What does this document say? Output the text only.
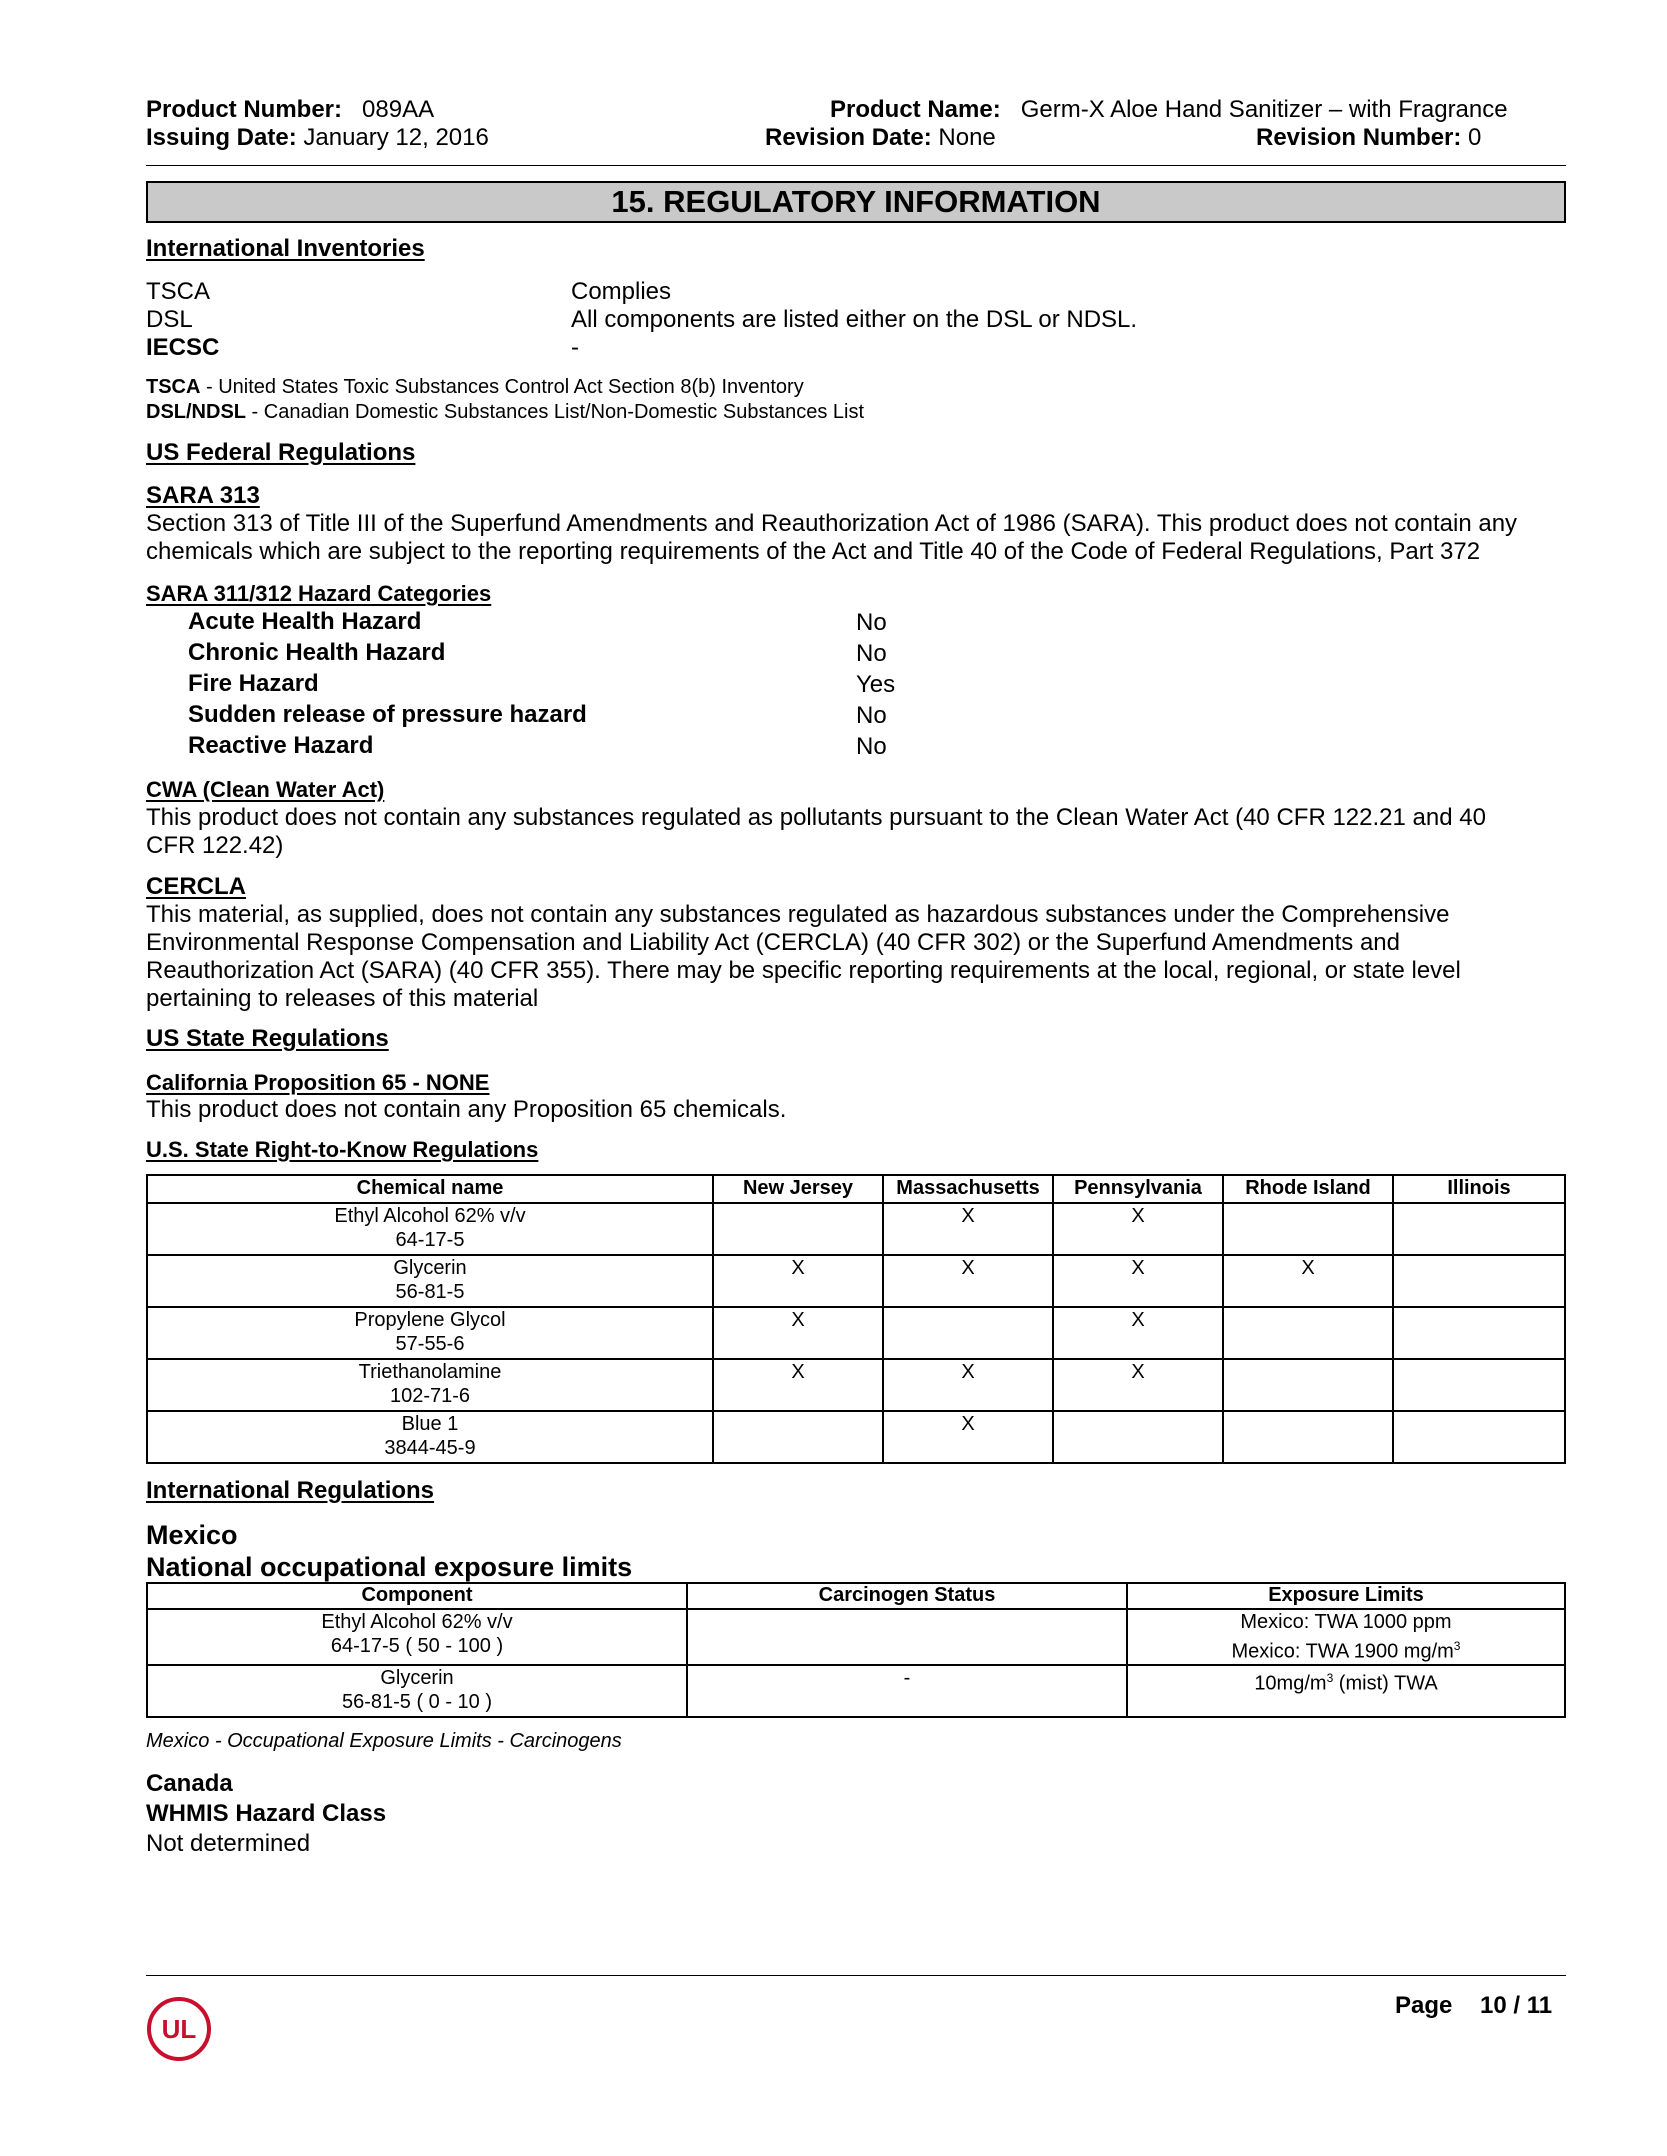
Product Number: 089AA
Issuing Date: January 12, 2016
Product Name: Germ-X Aloe Hand Sanitizer – with Fragrance
Revision Date: None	Revision Number: 0
15. REGULATORY INFORMATION
International Inventories
TSCA	Complies
DSL	All components are listed either on the DSL or NDSL.
IECSC	-
TSCA - United States Toxic Substances Control Act Section 8(b) Inventory
DSL/NDSL - Canadian Domestic Substances List/Non-Domestic Substances List
US Federal Regulations
SARA 313
Section 313 of Title III of the Superfund Amendments and Reauthorization Act of 1986 (SARA). This product does not contain any
chemicals which are subject to the reporting requirements of the Act and Title 40 of the Code of Federal Regulations, Part 372
SARA 311/312 Hazard Categories
Acute Health Hazard	No
Chronic Health Hazard	No
Fire Hazard	Yes
Sudden release of pressure hazard	No
Reactive Hazard	No
CWA (Clean Water Act)
This product does not contain any substances regulated as pollutants pursuant to the Clean Water Act (40 CFR 122.21 and 40
CFR 122.42)
CERCLA
This material, as supplied, does not contain any substances regulated as hazardous substances under the Comprehensive
Environmental Response Compensation and Liability Act (CERCLA) (40 CFR 302) or the Superfund Amendments and
Reauthorization Act (SARA) (40 CFR 355). There may be specific reporting requirements at the local, regional, or state level
pertaining to releases of this material
US State Regulations
California Proposition 65 - NONE
This product does not contain any Proposition 65 chemicals.
U.S. State Right-to-Know Regulations
Chemical name	New Jersey	Massachusetts	Pennsylvania	Rhode Island	Illinois

Ethyl Alcohol 62% v/v
64-17-5		X	X		

Glycerin
56-81-5	X	X	X	X	

Propylene Glycol
57-55-6	X		X		

Triethanolamine
102-71-6	X	X	X		

Blue 1
3844-45-9		X			
International Regulations
Mexico
National occupational exposure limits
Component	Carcinogen Status	Exposure Limits

Ethyl Alcohol 62% v/v
64-17-5 ( 50 - 100 )		Mexico: TWA 1000 ppm
Mexico: TWA 1900 $mg/m^3$

Glycerin
56-81-5 ( 0 - 10 )	-	$10mg/m^3$ (mist) TWA
Mexico - Occupational Exposure Limits - Carcinogens
Canada
WHMIS Hazard Class
Not determined
UL
Page 10 / 11
